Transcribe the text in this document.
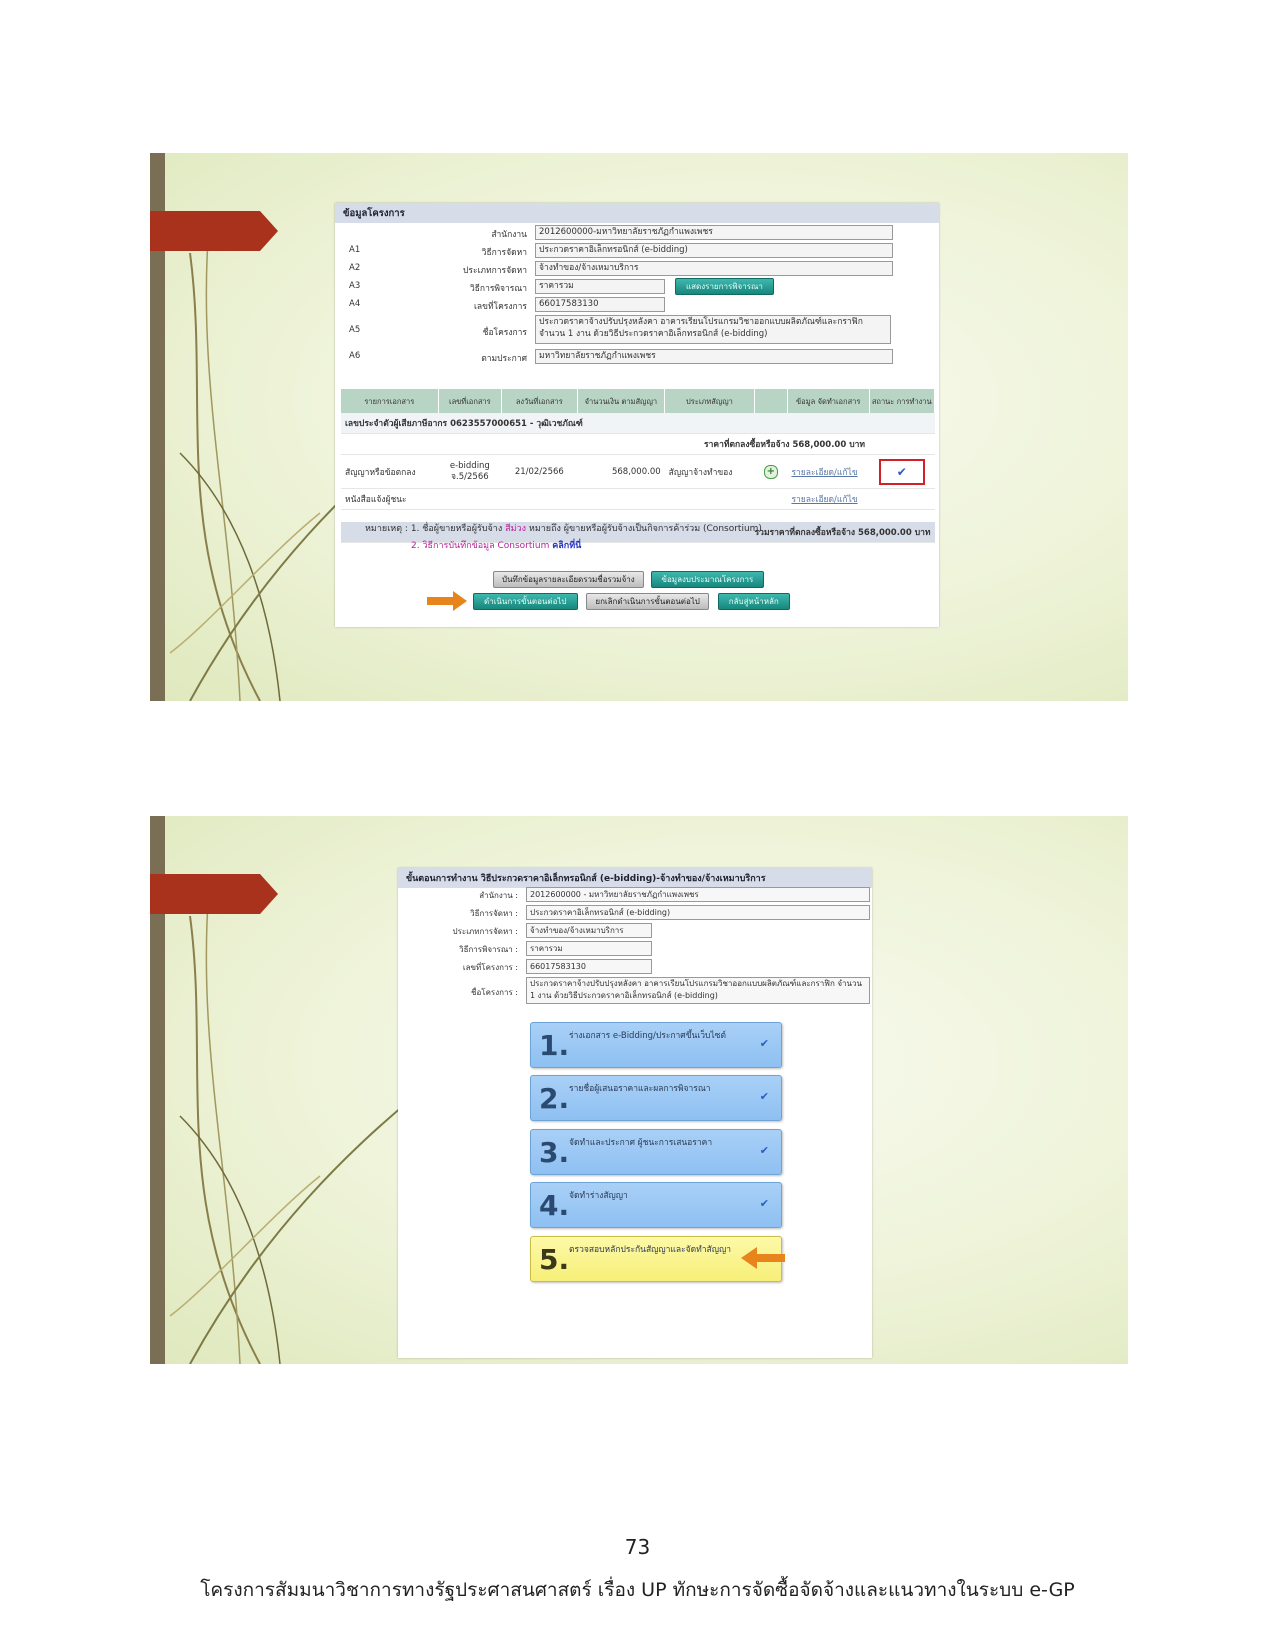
ข้อมูลโครงการ
สำนักงาน	2012600000-มหาวิทยาลัยราชภัฏกำแพงเพชร
A1	วิธีการจัดหา	ประกวดราคาอิเล็กทรอนิกส์ (e-bidding)
A2	ประเภทการจัดหา	จ้างทำของ/จ้างเหมาบริการ
A3	วิธีการพิจารณา	ราคารวม	แสดงรายการพิจารณา
A4	เลขที่โครงการ	66017583130
A5	ชื่อโครงการ
ประกวดราคาจ้างปรับปรุงหลังคา อาคารเรียนโปรแกรมวิชาออกแบบผลิตภัณฑ์และกราฟิก จำนวน 1 งาน ด้วยวิธีประกวดราคาอิเล็กทรอนิกส์ (e-bidding)
A6	ตามประกาศ	มหาวิทยาลัยราชภัฏกำแพงเพชร
รายการเอกสาร	เลขที่เอกสาร	ลงวันที่เอกสาร	จำนวนเงิน ตามสัญญา	ประเภทสัญญา		ข้อมูล จัดทำเอกสาร	สถานะ การทำงาน
เลขประจำตัวผู้เสียภาษีอากร 0623557000651 - วุฒิเวชภัณฑ์							
ราคาที่ตกลงซื้อหรือจ้าง 568,000.00 บาท							
สัญญาหรือข้อตกลง	e-bidding จ.5/2566	21/02/2566	568,000.00	สัญญาจ้างทำของ	+	รายละเอียด/แก้ไข	✔
หนังสือแจ้งผู้ชนะ						รายละเอียด/แก้ไข	

รวมราคาที่ตกลงซื้อหรือจ้าง 568,000.00 บาท							
หมายเหตุ : 1. ชื่อผู้ขายหรือผู้รับจ้าง สีม่วง หมายถึง ผู้ขายหรือผู้รับจ้างเป็นกิจการค้าร่วม (Consortium)
2. วิธีการบันทึกข้อมูล Consortium คลิกที่นี่
บันทึกข้อมูลรายละเอียดรวมชื่อรวมจ้าง	ข้อมูลงบประมาณโครงการ
ดำเนินการขั้นตอนต่อไป	ยกเลิกดำเนินการขั้นตอนต่อไป	กลับสู่หน้าหลัก
ขั้นตอนการทำงาน วิธีประกวดราคาอิเล็กทรอนิกส์ (e-bidding)-จ้างทำของ/จ้างเหมาบริการ
สำนักงาน :	2012600000 - มหาวิทยาลัยราชภัฏกำแพงเพชร
วิธีการจัดหา :	ประกวดราคาอิเล็กทรอนิกส์ (e-bidding)
ประเภทการจัดหา :	จ้างทำของ/จ้างเหมาบริการ
วิธีการพิจารณา :	ราคารวม
เลขที่โครงการ :	66017583130
ชื่อโครงการ :
ประกวดราคาจ้างปรับปรุงหลังคา อาคารเรียนโปรแกรมวิชาออกแบบผลิตภัณฑ์และกราฟิก จำนวน 1 งาน ด้วยวิธีประกวดราคาอิเล็กทรอนิกส์ (e-bidding)
1. ร่างเอกสาร e-Bidding/ประกาศขึ้นเว็บไซต์
✔
2. รายชื่อผู้เสนอราคาและผลการพิจารณา
✔
3. จัดทำและประกาศ ผู้ชนะการเสนอราคา
✔
4. จัดทำร่างสัญญา
✔
5. ตรวจสอบหลักประกันสัญญาและจัดทำสัญญา
73
โครงการสัมมนาวิชาการทางรัฐประศาสนศาสตร์ เรื่อง UP ทักษะการจัดซื้อจัดจ้างและแนวทางในระบบ e-GP
